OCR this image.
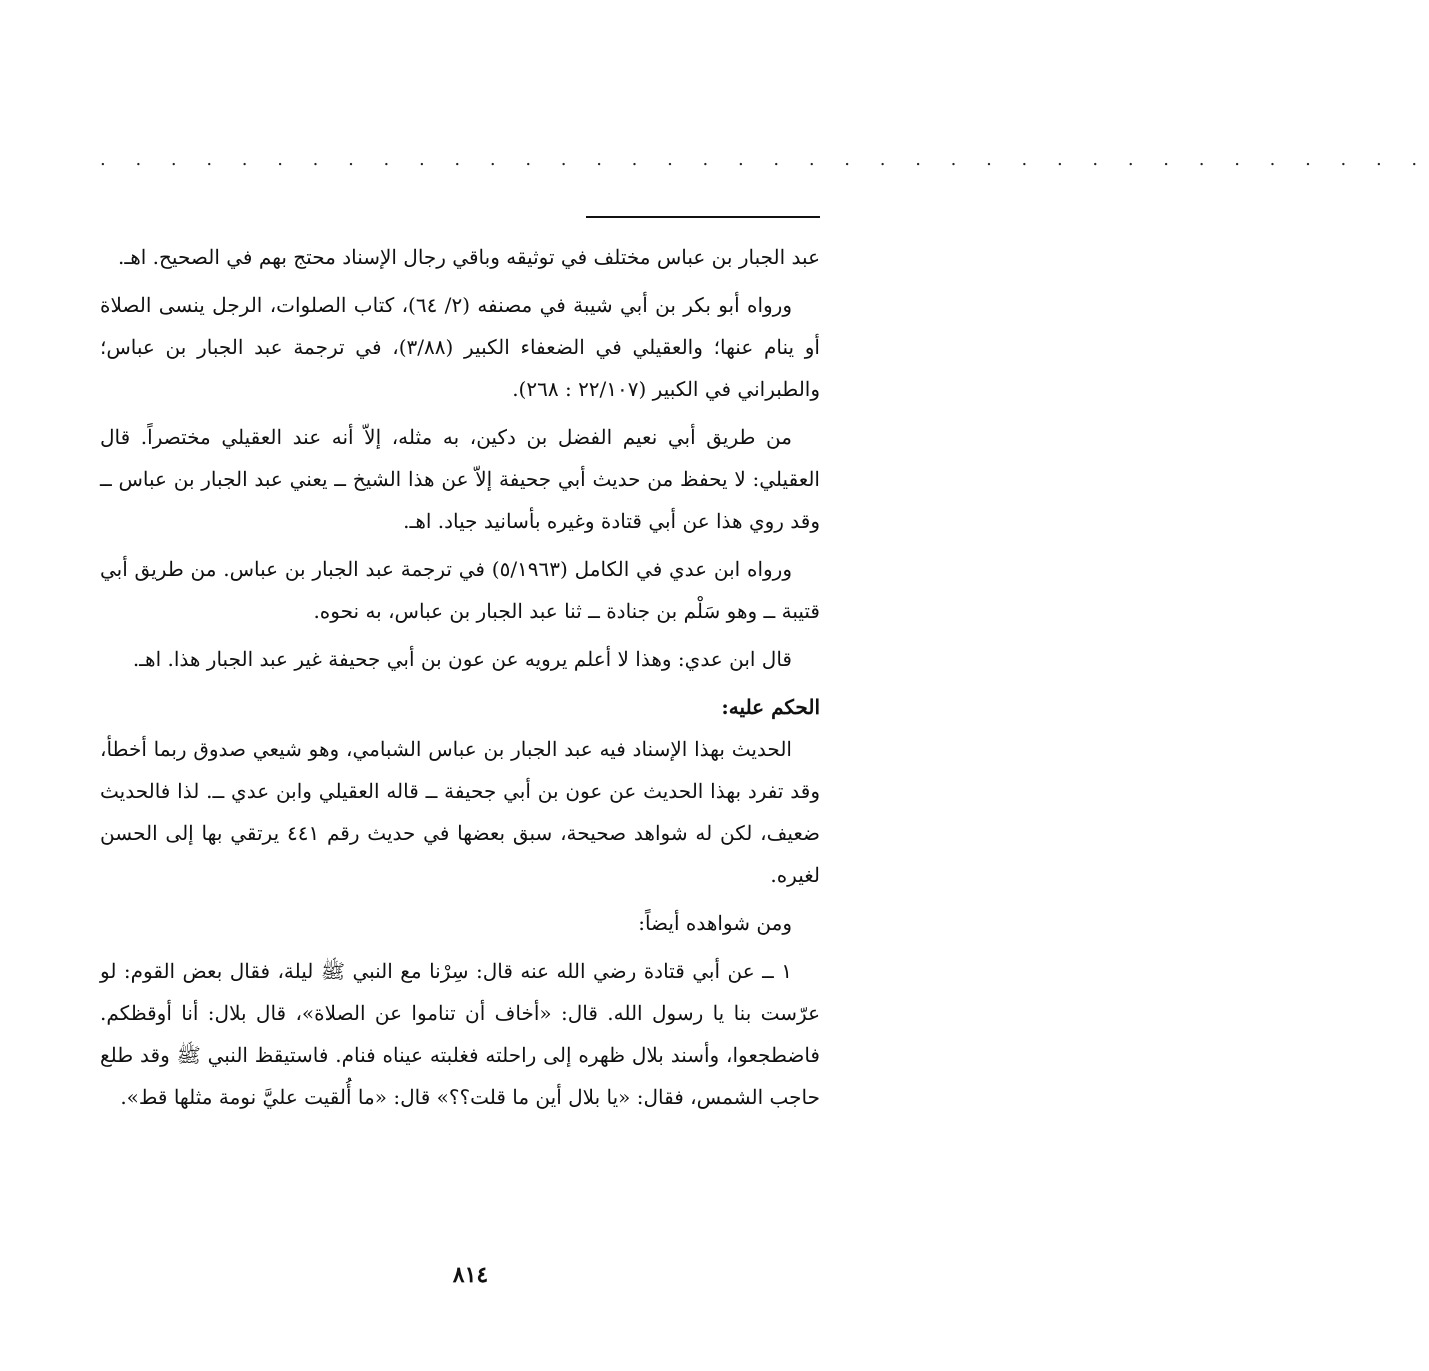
. . . . . . . . . . . . . . . . . . . . . . . . . . . . . . . . . . . . . .

عبد الجبار بن عباس مختلف في توثيقه وباقي رجال الإسناد محتج بهم في الصحيح. اهـ.

ورواه أبو بكر بن أبي شيبة في مصنفه (٢/ ٦٤)، كتاب الصلوات، الرجل ينسى الصلاة أو ينام عنها؛ والعقيلي في الضعفاء الكبير (٣/٨٨)، في ترجمة عبد الجبار بن عباس؛ والطبراني في الكبير (٢٢/١٠٧ : ٢٦٨).

من طريق أبي نعيم الفضل بن دكين، به مثله، إلاّ أنه عند العقيلي مختصراً. قال العقيلي: لا يحفظ من حديث أبي جحيفة إلاّ عن هذا الشيخ ــ يعني عبد الجبار بن عباس ــ وقد روي هذا عن أبي قتادة وغيره بأسانيد جياد. اهـ.

ورواه ابن عدي في الكامل (٥/١٩٦٣) في ترجمة عبد الجبار بن عباس. من طريق أبي قتيبة ــ وهو سَلْم بن جنادة ــ ثنا عبد الجبار بن عباس، به نحوه.

قال ابن عدي: وهذا لا أعلم يرويه عن عون بن أبي جحيفة غير عبد الجبار هذا. اهـ.

الحكم عليه:

الحديث بهذا الإسناد فيه عبد الجبار بن عباس الشبامي، وهو شيعي صدوق ربما أخطأ، وقد تفرد بهذا الحديث عن عون بن أبي جحيفة ــ قاله العقيلي وابن عدي ــ. لذا فالحديث ضعيف، لكن له شواهد صحيحة، سبق بعضها في حديث رقم ٤٤١ يرتقي بها إلى الحسن لغيره.

ومن شواهده أيضاً:

١ ــ عن أبي قتادة رضي الله عنه قال: سِرْنا مع النبي ﷺ ليلة، فقال بعض القوم: لو عرّست بنا يا رسول الله. قال: «أخاف أن تناموا عن الصلاة»، قال بلال: أنا أوقظكم. فاضطجعوا، وأسند بلال ظهره إلى راحلته فغلبته عيناه فنام. فاستيقظ النبي ﷺ وقد طلع حاجب الشمس، فقال: «يا بلال أين ما قلت؟؟» قال: «ما أُلقيت عليَّ نومة مثلها قط».

٨١٤
